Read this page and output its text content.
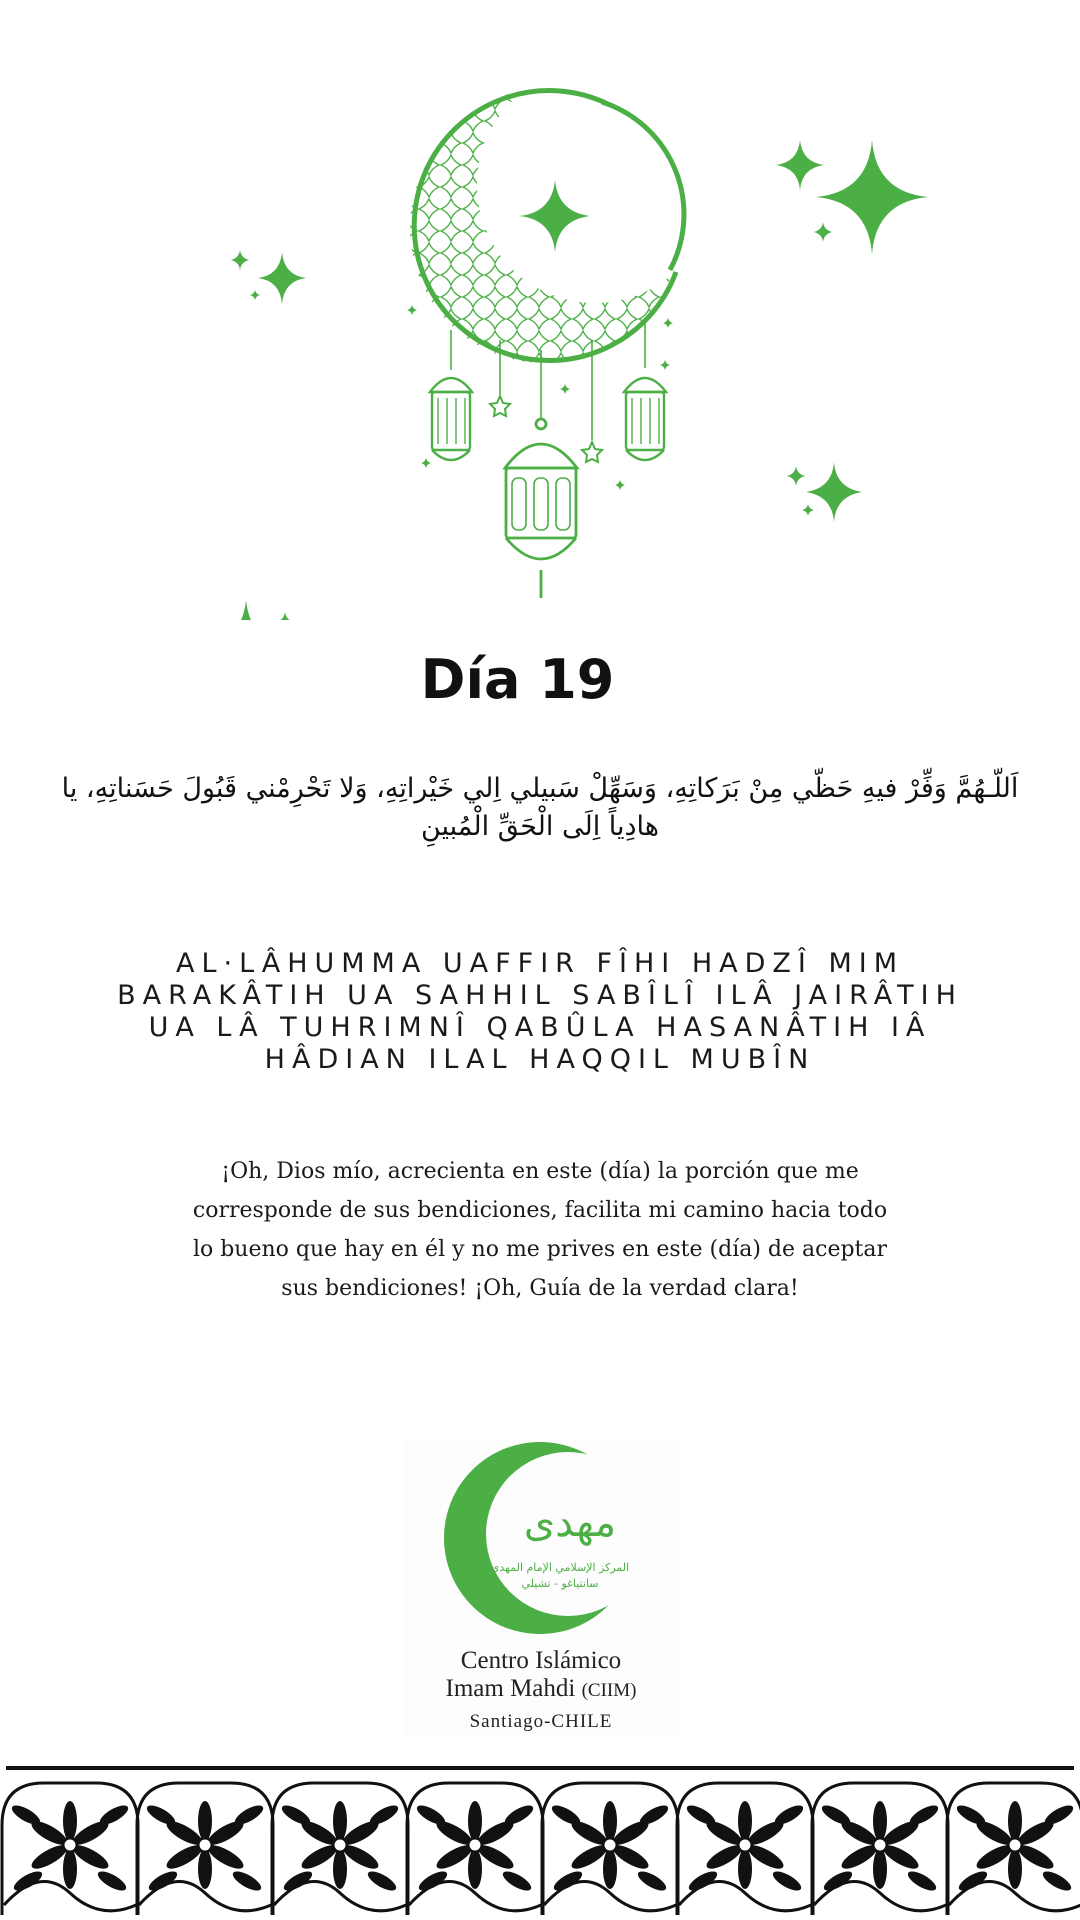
Día 19
اَللّـهُمَّ وَفِّرْ فيهِ حَظّي مِنْ بَرَكاتِهِ، وَسَهِّلْ سَبيلي اِلي خَيْراتِهِ، وَلا تَحْرِمْني قَبُولَ حَسَناتِهِ، يا هادِياً اِلَى الْحَقِّ الْمُبينِ
AL·LÂHUMMA UAFFIR FÎHI HADZÎ MIM BARAKÂTIH UA SAHHIL SABÎLÎ ILÂ JAIRÂTIH UA LÂ TUHRIMNÎ QABÛLA HASANÂTIH IÂ HÂDIAN ILAL HAQQIL MUBÎN
¡Oh, Dios mío, acrecienta en este (día) la porción que me corresponde de sus bendiciones, facilita mi camino hacia todo lo bueno que hay en él y no me prives en este (día) de aceptar sus bendiciones! ¡Oh, Guía de la verdad clara!
مهدی
المركز الإسلامي الإمام المهدي
سانتياغو - تشيلي
Centro Islámico
Imam Mahdi (CIIM)
Santiago-CHILE
